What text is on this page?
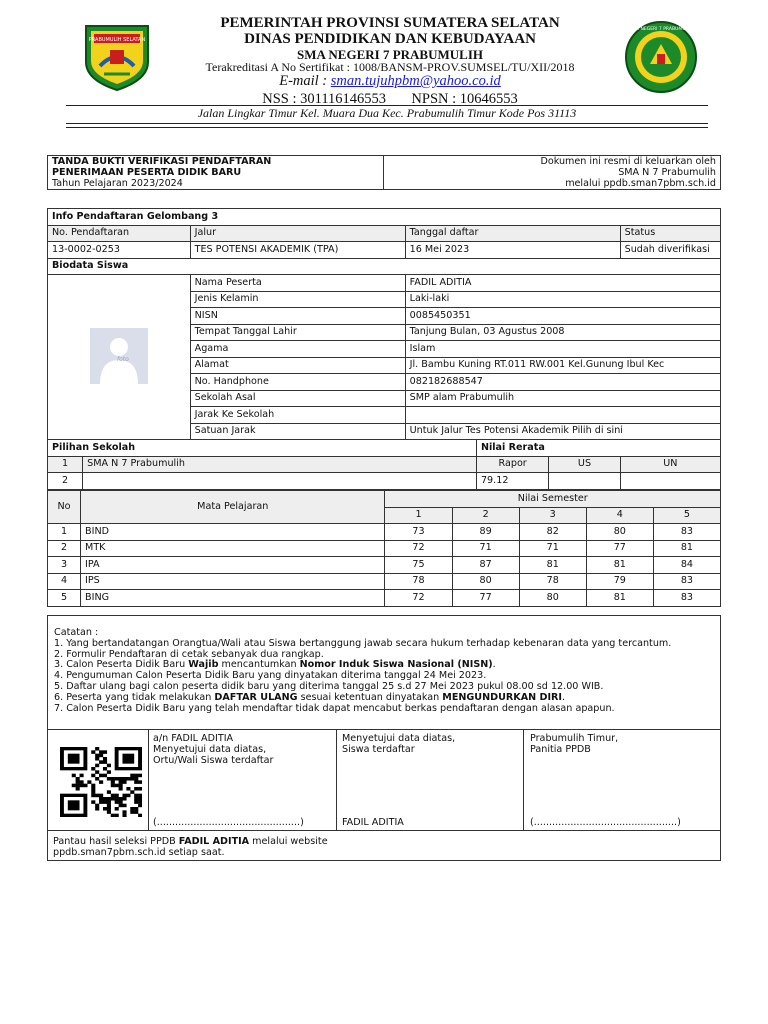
PRABUMULIH SELATAN
PEMERINTAH PROVINSI SUMATERA SELATAN
DINAS PENDIDIKAN DAN KEBUDAYAAN
SMA NEGERI 7 PRABUMULIH
Terakreditasi A No Sertifikat : 1008/BANSM-PROV.SUMSEL/TU/XII/2018
E-mail : sman.tujuhpbm@yahoo.co.id
NSS : 301116146553       NPSN : 10646553
SMA NEGERI 7 PRABUMULIH
Jalan Lingkar Timur Kel. Muara Dua Kec. Prabumulih Timur Kode Pos 31113
TANDA BUKTI VERIFIKASI PENDAFTARAN	Dokumen ini resmi di keluarkan oleh
PENERIMAAN PESERTA DIDIK BARU	SMA N 7 Prabumulih
Tahun Pelajaran 2023/2024	melalui ppdb.sman7pbm.sch.id
Info Pendaftaran Gelombang 3						
No. Pendaftaran		Jalur	Tanggal daftar			Status
13-0002-0253		TES POTENSI AKADEMIK (TPA)	16 Mei 2023			Sudah diverifikasi
Biodata Siswa						

foto		Nama Peserta	FADIL ADITIA			
		Jenis Kelamin	Laki-laki			
		NISN	0085450351			
		Tempat Tanggal Lahir	Tanjung Bulan, 03 Agustus 2008			
		Agama	Islam			
		Alamat	Jl. Bambu Kuning RT.011 RW.001 Kel.Gunung Ibul Kec			
		No. Handphone	082182688547			
		Sekolah Asal	SMP alam Prabumulih			
		Jarak Ke Sekolah				
		Satuan Jarak	Untuk Jalur Tes Potensi Akademik Pilih di sini			
Pilihan Sekolah				Nilai Rerata		
1	SMA N 7 Prabumulih			Rapor	US	UN
2				79.12		

No	Mata Pelajaran	Nilai Semester				
		1	2	3	4	5
1	BIND	73	89	82	80	83
2	MTK	72	71	71	77	81
3	IPA	75	87	81	81	84
4	IPS	78	80	78	79	83
5	BING	72	77	80	81	83
Catatan :
1. Yang bertandatangan Orangtua/Wali atau Siswa bertanggung jawab secara hukum terhadap kebenaran data yang tercantum.
2. Formulir Pendaftaran di cetak sebanyak dua rangkap.
3. Calon Peserta Didik Baru Wajib mencantumkan Nomor Induk Siswa Nasional (NISN).
4. Pengumuman Calon Peserta Didik Baru yang dinyatakan diterima tanggal 24 Mei 2023.
5. Daftar ulang bagi calon peserta didik baru yang diterima tanggal 25 s.d 27 Mei 2023 pukul 08.00 sd 12.00 WIB.
6. Peserta yang tidak melakukan DAFTAR ULANG sesuai ketentuan dinyatakan MENGUNDURKAN DIRI.
7. Calon Peserta Didik Baru yang telah mendaftar tidak dapat mencabut berkas pendaftaran dengan alasan apapun.
a/n FADIL ADITIA
Menyetujui data diatas,
Ortu/Wali Siswa terdaftar
(...............................................)
Menyetujui data diatas,
Siswa terdaftar
FADIL ADITIA
Prabumulih Timur,
Panitia PPDB
(...............................................)
Pantau hasil seleksi PPDB FADIL ADITIA melalui website
ppdb.sman7pbm.sch.id setiap saat.
